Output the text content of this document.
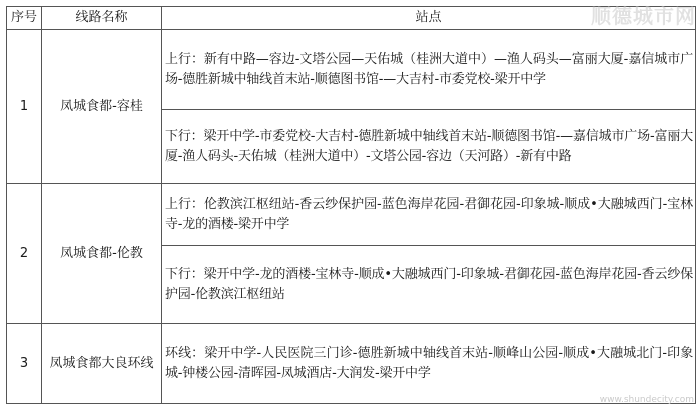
序号	线路名称	站点
1	凤城食都-容桂	上行：新有中路—容边-文塔公园—天佑城（桂洲大道中）—渔人码头—富丽大厦-嘉信城市广场-德胜新城中轴线首末站-顺德图书馆-—大吉村-市委党校-梁开中学

		下行：梁开中学-市委党校-大吉村-德胜新城中轴线首末站-顺德图书馆-—嘉信城市广场-富丽大厦-渔人码头-天佑城（桂洲大道中）-文塔公园-容边（天河路）-新有中路

2	凤城食都-伦教	上行：伦教滨江枢纽站-香云纱保护园-蓝色海岸花园-君御花园-印象城-顺成•大融城西门-宝林寺-龙的酒楼-梁开中学

		下行：梁开中学-龙的酒楼-宝林寺-顺成•大融城西门-印象城-君御花园-蓝色海岸花园-香云纱保护园-伦教滨江枢纽站

3	凤城食都大良环线	环线：梁开中学-人民医院三门诊-德胜新城中轴线首末站-顺峰山公园-顺成•大融城北门-印象城-钟楼公园-清晖园-凤城酒店-大润发-梁开中学
顺德城市网
www.shundecity.com
